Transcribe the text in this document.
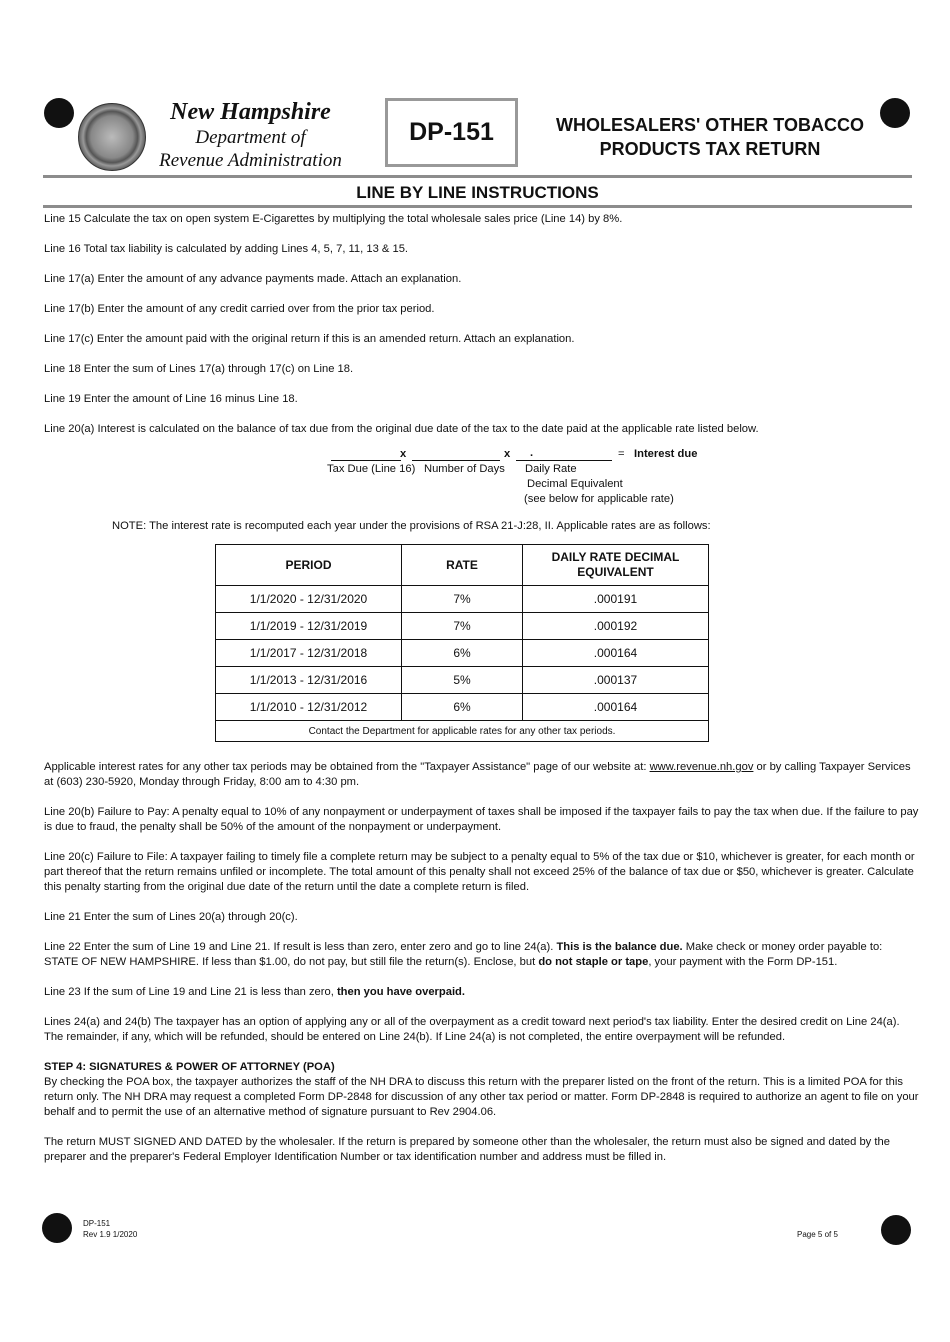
New Hampshire
Department of
Revenue Administration
DP-151	WHOLESALERS' OTHER TOBACCO
PRODUCTS TAX RETURN
LINE BY LINE INSTRUCTIONS

Line 15 Calculate the tax on open system E-Cigarettes by multiplying the total wholesale sales price (Line 14) by 8%.

Line 16 Total tax liability is calculated by adding Lines 4, 5, 7, 11, 13 & 15.

Line 17(a) Enter the amount of any advance payments made. Attach an explanation.

Line 17(b) Enter the amount of any credit carried over from the prior tax period.

Line 17(c) Enter the amount paid with the original return if this is an amended return. Attach an explanation.

Line 18 Enter the sum of Lines 17(a) through 17(c) on Line 18.

Line 19 Enter the amount of Line 16 minus Line 18.

Line 20(a) Interest is calculated on the balance of tax due from the original due date of the tax to the date paid at the applicable rate listed below.

x	x .	= Interest due
Tax Due (Line 16) Number of Days Daily Rate
Decimal Equivalent
(see below for applicable rate)

NOTE: The interest rate is recomputed each year under the provisions of RSA 21-J:28, II. Applicable rates are as follows:

PERIOD	RATE	DAILY RATE DECIMAL EQUIVALENT
1/1/2020 - 12/31/2020	7%	.000191
1/1/2019 - 12/31/2019	7%	.000192
1/1/2017 - 12/31/2018	6%	.000164
1/1/2013 - 12/31/2016	5%	.000137
1/1/2010 - 12/31/2012	6%	.000164
Contact the Department for applicable rates for any other tax periods.		

Applicable interest rates for any other tax periods may be obtained from the "Taxpayer Assistance" page of our website at: www.revenue.nh.gov or by calling Taxpayer Services at (603) 230-5920, Monday through Friday, 8:00 am to 4:30 pm.

Line 20(b) Failure to Pay: A penalty equal to 10% of any nonpayment or underpayment of taxes shall be imposed if the taxpayer fails to pay the tax when due. If the failure to pay is due to fraud, the penalty shall be 50% of the amount of the nonpayment or underpayment.

Line 20(c) Failure to File: A taxpayer failing to timely file a complete return may be subject to a penalty equal to 5% of the tax due or $10, whichever is greater, for each month or part thereof that the return remains unfiled or incomplete. The total amount of this penalty shall not exceed 25% of the balance of tax due or $50, whichever is greater. Calculate this penalty starting from the original due date of the return until the date a complete return is filed.

Line 21 Enter the sum of Lines 20(a) through 20(c).

Line 22 Enter the sum of Line 19 and Line 21. If result is less than zero, enter zero and go to line 24(a). This is the balance due. Make check or money order payable to: STATE OF NEW HAMPSHIRE. If less than $1.00, do not pay, but still file the return(s). Enclose, but do not staple or tape, your payment with the Form DP-151.

Line 23 If the sum of Line 19 and Line 21 is less than zero, then you have overpaid.

Lines 24(a) and 24(b) The taxpayer has an option of applying any or all of the overpayment as a credit toward next period's tax liability. Enter the desired credit on Line 24(a). The remainder, if any, which will be refunded, should be entered on Line 24(b). If Line 24(a) is not completed, the entire overpayment will be refunded.

STEP 4: SIGNATURES & POWER OF ATTORNEY (POA)

By checking the POA box, the taxpayer authorizes the staff of the NH DRA to discuss this return with the preparer listed on the front of the return. This is a limited POA for this return only. The NH DRA may request a completed Form DP-2848 for discussion of any other tax period or matter. Form DP-2848 is required to authorize an agent to file on your behalf and to permit the use of an alternative method of signature pursuant to Rev 2904.06.

The return MUST SIGNED AND DATED by the wholesaler. If the return is prepared by someone other than the wholesaler, the return must also be signed and dated by the preparer and the preparer's Federal Employer Identification Number or tax identification number and address must be filled in.

DP-151
Rev 1.9 1/2020	Page 5 of 5
